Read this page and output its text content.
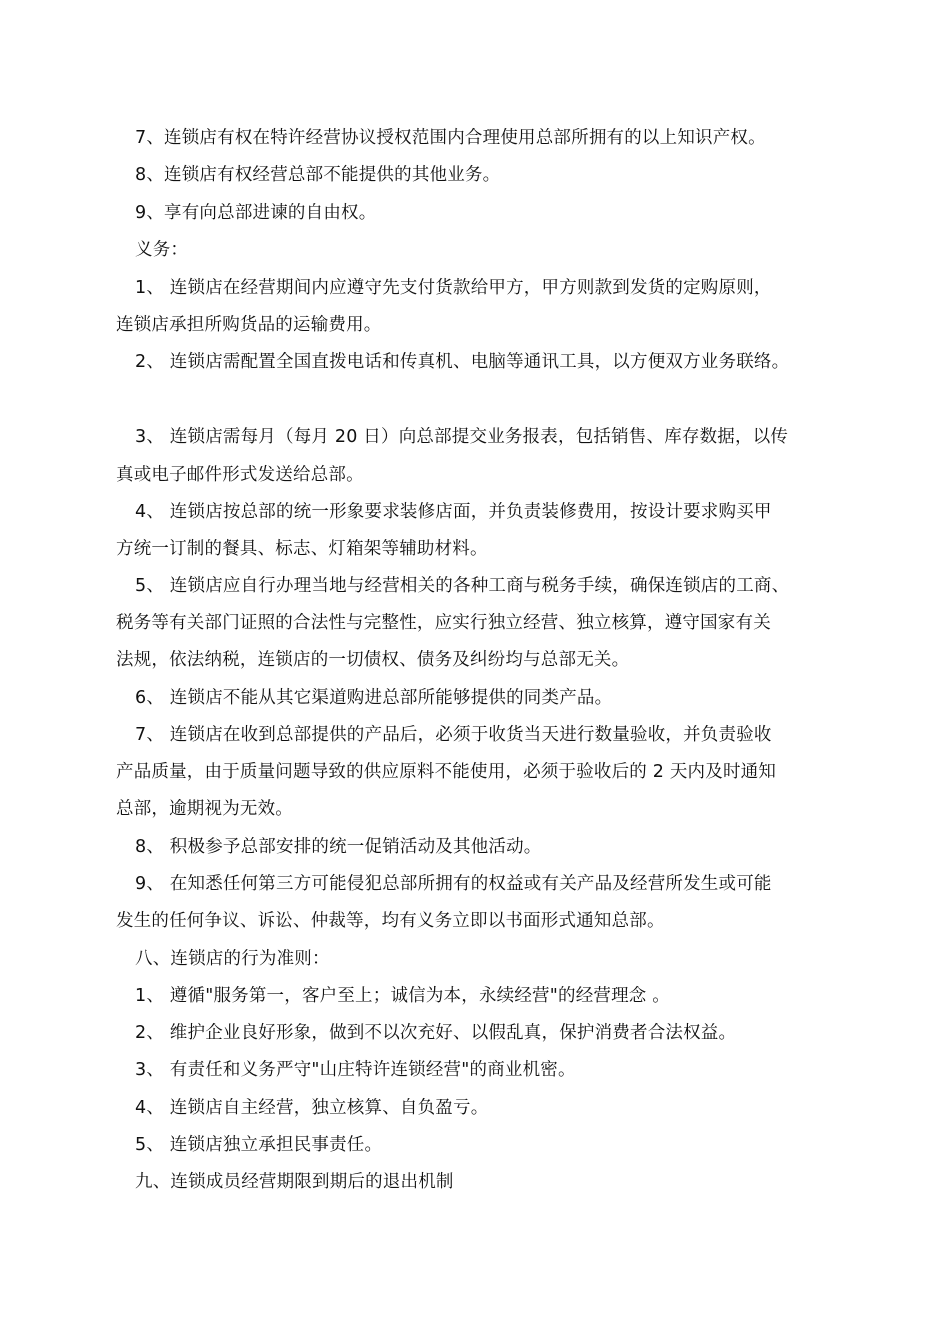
7、连锁店有权在特许经营协议授权范围内合理使用总部所拥有的以上知识产权。
8、连锁店有权经营总部不能提供的其他业务。
9、享有向总部进谏的自由权。
义务：
1、 连锁店在经营期间内应遵守先支付货款给甲方，甲方则款到发货的定购原则，
连锁店承担所购货品的运输费用。
2、 连锁店需配置全国直拨电话和传真机、电脑等通讯工具，以方便双方业务联络。
3、 连锁店需每月（每月 20 日）向总部提交业务报表，包括销售、库存数据，以传
真或电子邮件形式发送给总部。
4、 连锁店按总部的统一形象要求装修店面，并负责装修费用，按设计要求购买甲
方统一订制的餐具、标志、灯箱架等辅助材料。
5、 连锁店应自行办理当地与经营相关的各种工商与税务手续，确保连锁店的工商、
税务等有关部门证照的合法性与完整性，应实行独立经营、独立核算，遵守国家有关
法规，依法纳税，连锁店的一切债权、债务及纠纷均与总部无关。
6、 连锁店不能从其它渠道购进总部所能够提供的同类产品。
7、 连锁店在收到总部提供的产品后，必须于收货当天进行数量验收，并负责验收
产品质量，由于质量问题导致的供应原料不能使用，必须于验收后的 2 天内及时通知
总部，逾期视为无效。
8、 积极参予总部安排的统一促销活动及其他活动。
9、 在知悉任何第三方可能侵犯总部所拥有的权益或有关产品及经营所发生或可能
发生的任何争议、诉讼、仲裁等，均有义务立即以书面形式通知总部。
八、连锁店的行为准则：
1、 遵循"服务第一，客户至上；诚信为本，永续经营"的经营理念 。
2、 维护企业良好形象，做到不以次充好、以假乱真，保护消费者合法权益。
3、 有责任和义务严守"山庄特许连锁经营"的商业机密。
4、 连锁店自主经营，独立核算、自负盈亏。
5、 连锁店独立承担民事责任。
九、连锁成员经营期限到期后的退出机制
